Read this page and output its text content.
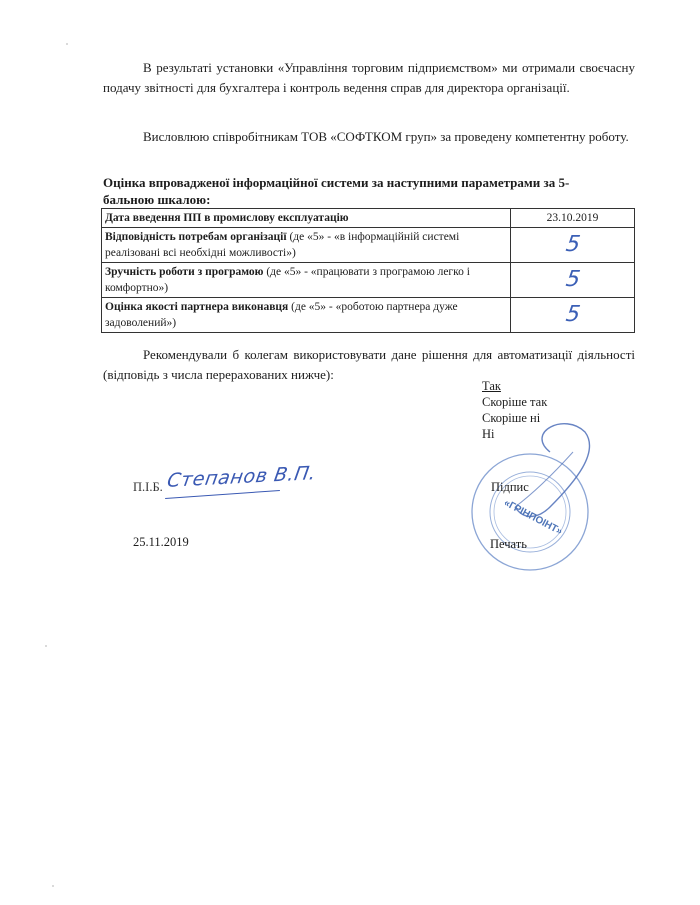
В результаті установки «Управління торговим підприємством» ми отримали своєчасну подачу звітності для бухгалтера і контроль ведення справ для директора організації.

Висловлюю співробітникам ТОВ «СОФТКОМ груп» за проведену компетентну роботу.

Оцінка впровадженої інформаційної системи за наступними параметрами за 5-бальною шкалою:

Дата введення ПП в промислову експлуатацію	23.10.2019
Відповідність потребам організації (де «5» - «в інформаційній системі реалізовані всі необхідні можливості»)	5
Зручність роботи з програмою (де «5» - «працювати з програмою легко і комфортно»)	5
Оцінка якості партнера виконавця (де «5» - «роботою партнера дуже задоволений»)	5

Рекомендували б колегам використовувати дане рішення для автоматизації діяльності (відповідь з числа перерахованих нижче):

Так
Скоріше так
Скоріше ні
Ні
«ГРІНПОІНТ»
П.І.Б. Степанов В.П.	Підпис
Печать
25.11.2019
